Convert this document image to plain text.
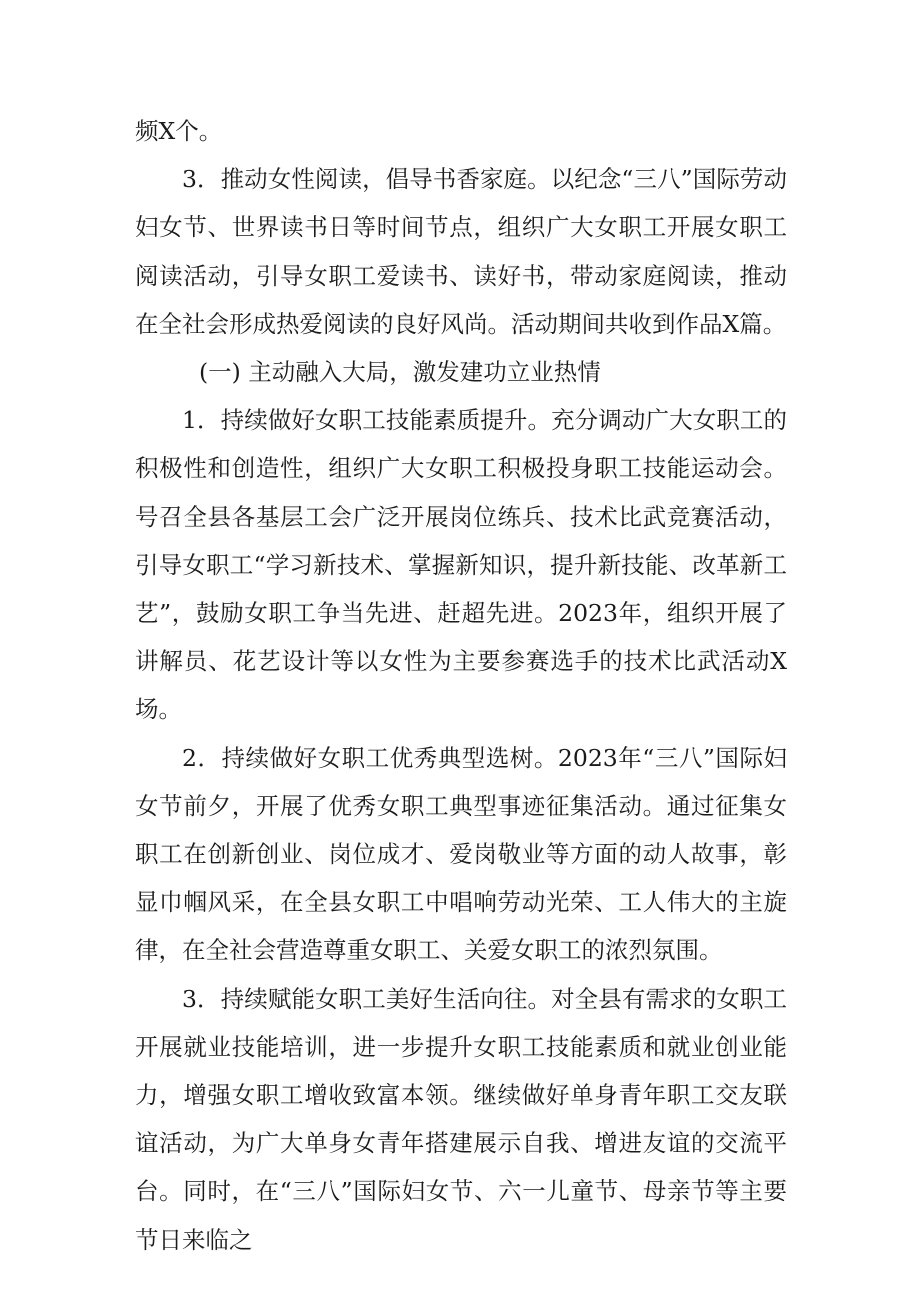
频X个。

3．推动女性阅读，倡导书香家庭。以纪念“三八”国际劳动妇女节、世界读书日等时间节点，组织广大女职工开展女职工阅读活动，引导女职工爱读书、读好书，带动家庭阅读，推动在全社会形成热爱阅读的良好风尚。活动期间共收到作品X篇。

(一) 主动融入大局，激发建功立业热情

1．持续做好女职工技能素质提升。充分调动广大女职工的积极性和创造性，组织广大女职工积极投身职工技能运动会。号召全县各基层工会广泛开展岗位练兵、技术比武竞赛活动，引导女职工“学习新技术、掌握新知识，提升新技能、改革新工艺”，鼓励女职工争当先进、赶超先进。2023年，组织开展了讲解员、花艺设计等以女性为主要参赛选手的技术比武活动X场。

2．持续做好女职工优秀典型选树。2023年“三八”国际妇女节前夕，开展了优秀女职工典型事迹征集活动。通过征集女职工在创新创业、岗位成才、爱岗敬业等方面的动人故事，彰显巾帼风采，在全县女职工中唱响劳动光荣、工人伟大的主旋律，在全社会营造尊重女职工、关爱女职工的浓烈氛围。

3．持续赋能女职工美好生活向往。对全县有需求的女职工开展就业技能培训，进一步提升女职工技能素质和就业创业能力，增强女职工增收致富本领。继续做好单身青年职工交友联谊活动，为广大单身女青年搭建展示自我、增进友谊的交流平台。同时，在“三八”国际妇女节、六一儿童节、母亲节等主要节日来临之
